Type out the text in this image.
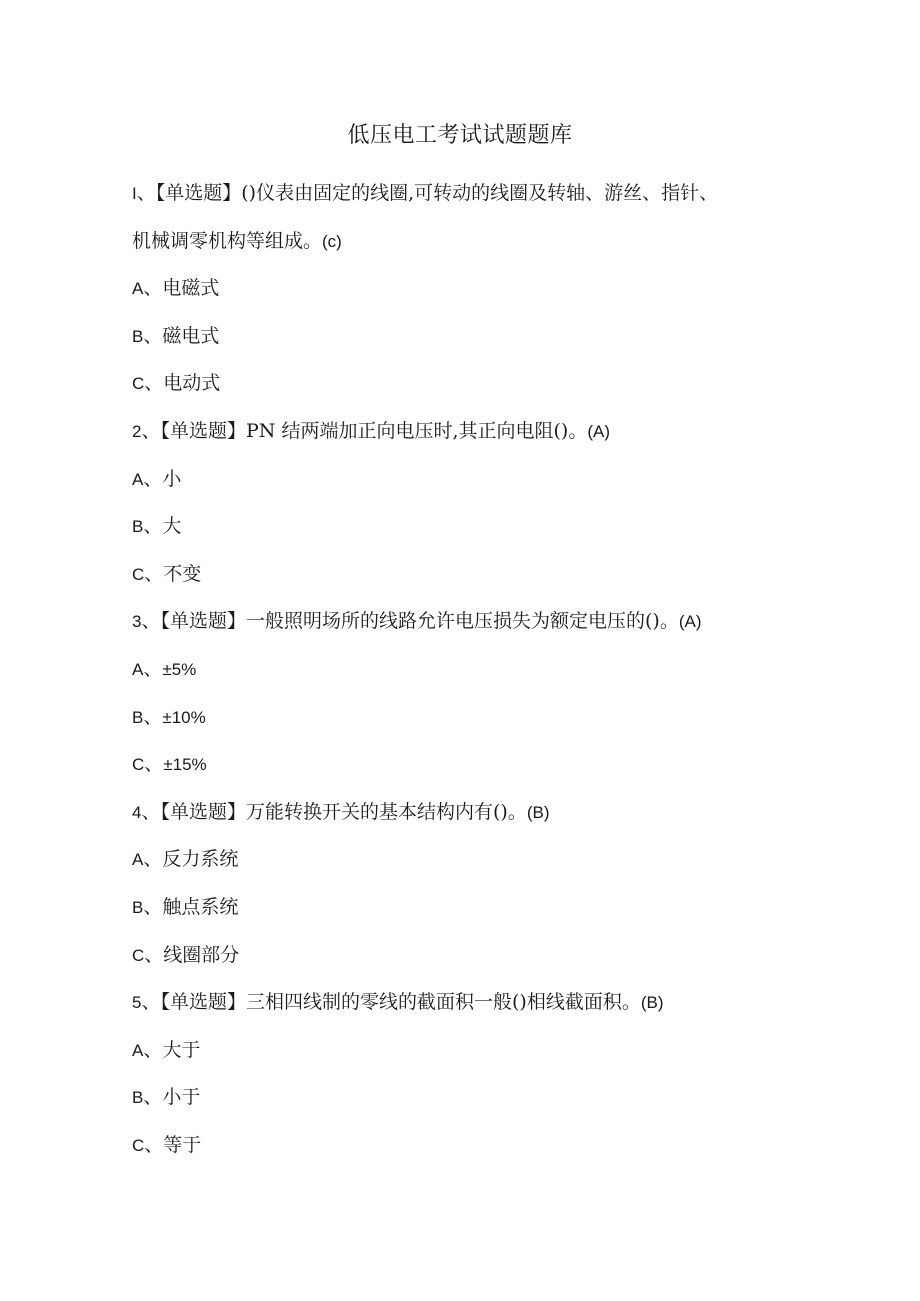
低压电工考试试题题库
I、【单选题】()仪表由固定的线圈,可转动的线圈及转轴、游丝、指针、
机械调零机构等组成。(c)
A、电磁式
B、磁电式
C、电动式
2、【单选题】PN 结两端加正向电压时,其正向电阻()。(A)
A、小
B、大
C、不变
3、【单选题】一般照明场所的线路允许电压损失为额定电压的()。(A)
A、±5%
B、±10%
C、±15%
4、【单选题】万能转换开关的基本结构内有()。(B)
A、反力系统
B、触点系统
C、线圈部分
5、【单选题】三相四线制的零线的截面积一般()相线截面积。(B)
A、大于
B、小于
C、等于
